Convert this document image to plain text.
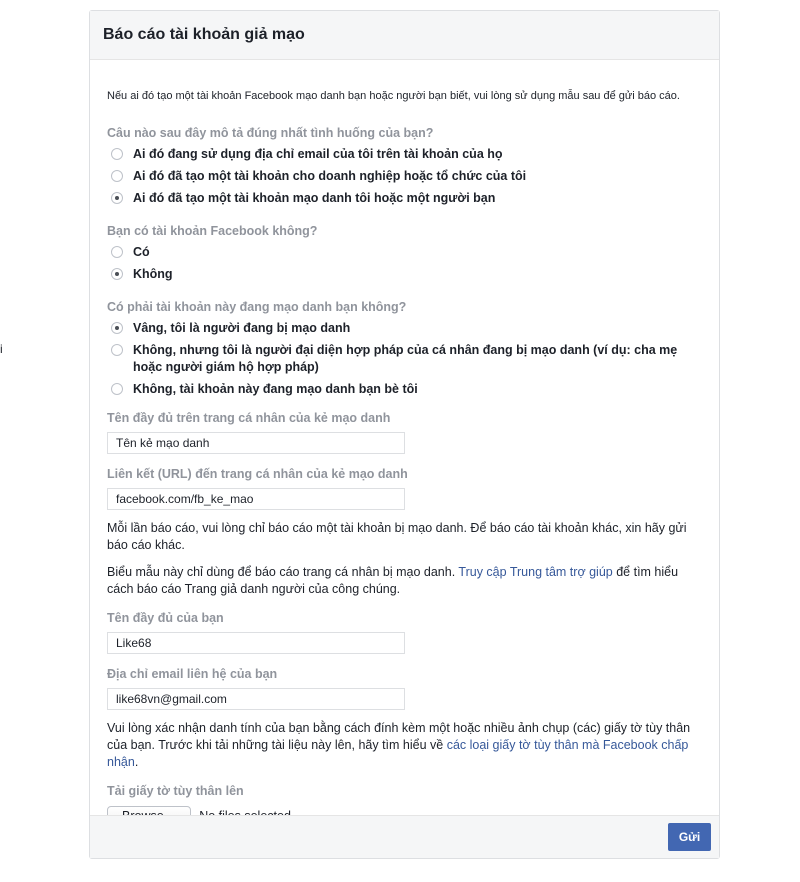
i
Báo cáo tài khoản giả mạo
Nếu ai đó tạo một tài khoản Facebook mạo danh bạn hoặc người bạn biết, vui lòng sử dụng mẫu sau để gửi báo cáo.
Câu nào sau đây mô tả đúng nhất tình huống của bạn?
Ai đó đang sử dụng địa chỉ email của tôi trên tài khoản của họ
Ai đó đã tạo một tài khoản cho doanh nghiệp hoặc tổ chức của tôi
Ai đó đã tạo một tài khoản mạo danh tôi hoặc một người bạn
Bạn có tài khoản Facebook không?
Có
Không
Có phải tài khoản này đang mạo danh bạn không?
Vâng, tôi là người đang bị mạo danh
Không, nhưng tôi là người đại diện hợp pháp của cá nhân đang bị mạo danh (ví dụ: cha mẹ hoặc người giám hộ hợp pháp)
Không, tài khoản này đang mạo danh bạn bè tôi
Tên đầy đủ trên trang cá nhân của kẻ mạo danh
Tên kẻ mạo danh
Liên kết (URL) đến trang cá nhân của kẻ mạo danh
facebook.com/fb_ke_mao
Mỗi lần báo cáo, vui lòng chỉ báo cáo một tài khoản bị mạo danh. Để báo cáo tài khoản khác, xin hãy gửi báo cáo khác.
Biểu mẫu này chỉ dùng để báo cáo trang cá nhân bị mạo danh. Truy cập Trung tâm trợ giúp để tìm hiểu cách báo cáo Trang giả danh người của công chúng.
Tên đầy đủ của bạn
Like68
Địa chỉ email liên hệ của bạn
like68vn@gmail.com
Vui lòng xác nhận danh tính của bạn bằng cách đính kèm một hoặc nhiều ảnh chụp (các) giấy tờ tùy thân của bạn. Trước khi tải những tài liệu này lên, hãy tìm hiểu về các loại giấy tờ tùy thân mà Facebook chấp nhận.
Tải giấy tờ tùy thân lên
Gửi
